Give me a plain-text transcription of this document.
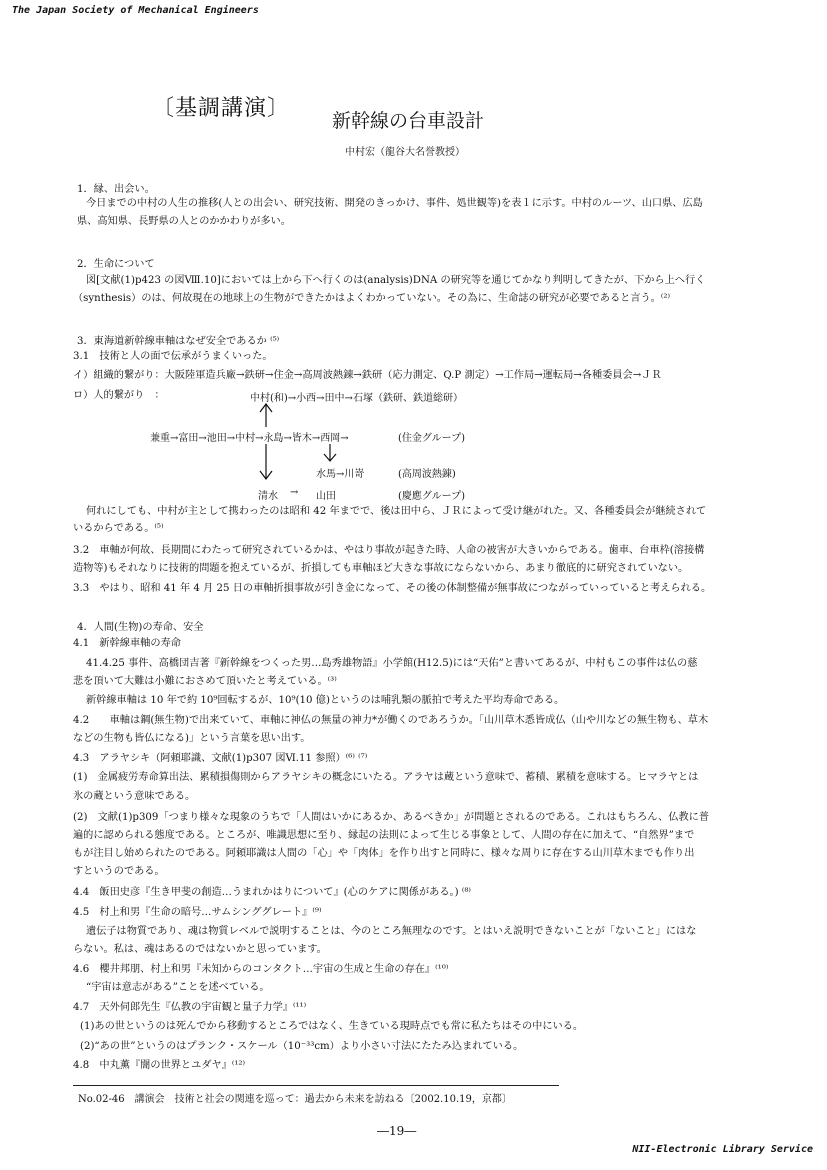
The Japan Society of Mechanical Engineers
〔基調講演〕 新幹線の台車設計
中村宏（龍谷大名誉教授）
1．縁、出会い。
今日までの中村の人生の推移(人との出会い、研究技術、開発のきっかけ、事件、処世観等)を表１に示す。中村のルーツ、山口県、広島
県、高知県、長野県の人とのかかわりが多い。
2．生命について
図[文献(1)p423 の図Ⅷ.10]においては上から下へ行くのは(analysis)DNA の研究等を通じてかなり判明してきたが、下から上へ行く
（synthesis）のは、何故現在の地球上の生物ができたかはよくわかっていない。その為に、生命誌の研究が必要であると言う。⁽²⁾
3．東海道新幹線車軸はなぜ安全であるか ⁽⁵⁾
3.1　技術と人の面で伝承がうまくいった。
イ）組織的繋がり：大阪陸軍造兵廠→鉄研→住金→高周波熱錬→鉄研（応力測定、Q.P 測定）→工作局→運転局→各種委員会→ＪＲ
ロ）人的繋がり　：	中村(和)→小西→田中→石塚（鉄研、鉄道総研）
兼重→富田→池田→中村→永島→皆木→西岡→	(住金グループ)
水馬→川嵜	(高周波熱錬)
清水 → 山田	(慶應グループ)
何れにしても、中村が主として携わったのは昭和 42 年までで、後は田中ら、ＪＲによって受け継がれた。又、各種委員会が継続されて
いるからである。⁽⁵⁾
3.2　車軸が何故、長期間にわたって研究されているかは、やはり事故が起きた時、人命の被害が大きいからである。歯車、台車枠(溶接構
造物等)もそれなりに技術的問題を抱えているが、折損しても車軸ほど大きな事故にならないから、あまり徹底的に研究されていない。
3.3　やはり、昭和 41 年 4 月 25 日の車軸折損事故が引き金になって、その後の体制整備が無事故につながっていっていると考えられる。
4．人間(生物)の寿命、安全
4.1　新幹線車軸の寿命
41.4.25 事件、高橋団吉著『新幹線をつくった男…島秀雄物語』小学館(H12.5)には“天佑”と書いてあるが、中村もこの事件は仏の慈
悲を頂いて大難は小難におさめて頂いたと考えている。⁽³⁾
新幹線車軸は 10 年で約 10⁹回転するが、10⁹(10 億)というのは哺乳類の脈拍で考えた平均寿命である。
4.2　　車軸は鋼(無生物)で出来ていて、車軸に神仏の無量の神力*が働くのであろうか。「山川草木悉皆成仏（山や川などの無生物も、草木
などの生物も皆仏になる)」という言葉を思い出す。
4.3　アラヤシキ（阿頼耶識、文献(1)p307 図Ⅵ.11 参照）⁽⁶⁾ ⁽⁷⁾
(1)　金属疲労寿命算出法、累積損傷則からアラヤシキの概念にいたる。アラヤは蔵という意味で、蓄積、累積を意味する。ヒマラヤとは
氷の蔵という意味である。
(2)　文献(1)p309「つまり様々な現象のうちで「人間はいかにあるか、あるべきか」が問題とされるのである。これはもちろん、仏教に普
遍的に認められる態度である。ところが、唯識思想に至り、縁起の法則によって生じる事象として、人間の存在に加えて、“自然界”まで
もが注目し始められたのである。阿頼耶識は人間の「心」や「肉体」を作り出すと同時に、様々な周りに存在する山川草木までも作り出
すというのである。
4.4　飯田史彦『生き甲斐の創造…うまれかはりについて』(心のケアに関係がある。) ⁽⁸⁾
4.5　村上和男『生命の暗号…サムシンググレート』⁽⁹⁾
遺伝子は物質であり、魂は物質レベルで説明することは、今のところ無理なのです。とはいえ説明できないことが「ないこと」にはな
らない。私は、魂はあるのではないかと思っています。
4.6　櫻井邦朋、村上和男『未知からのコンタクト…宇宙の生成と生命の存在』⁽¹⁰⁾
“宇宙は意志がある”ことを述べている。
4.7　天外伺郎先生『仏教の宇宙観と量子力学』⁽¹¹⁾
(1)あの世というのは死んでから移動するところではなく、生きている現時点でも常に私たちはその中にいる。
(2)“あの世”というのはプランク・スケール（10⁻³³cm）より小さい寸法にたたみ込まれている。
4.8　中丸薫『闇の世界とユダヤ』⁽¹²⁾
No.02-46　講演会　技術と社会の関連を巡って：過去から未来を訪ねる〔2002.10.19，京都〕
―19―
NII-Electronic Library Service
